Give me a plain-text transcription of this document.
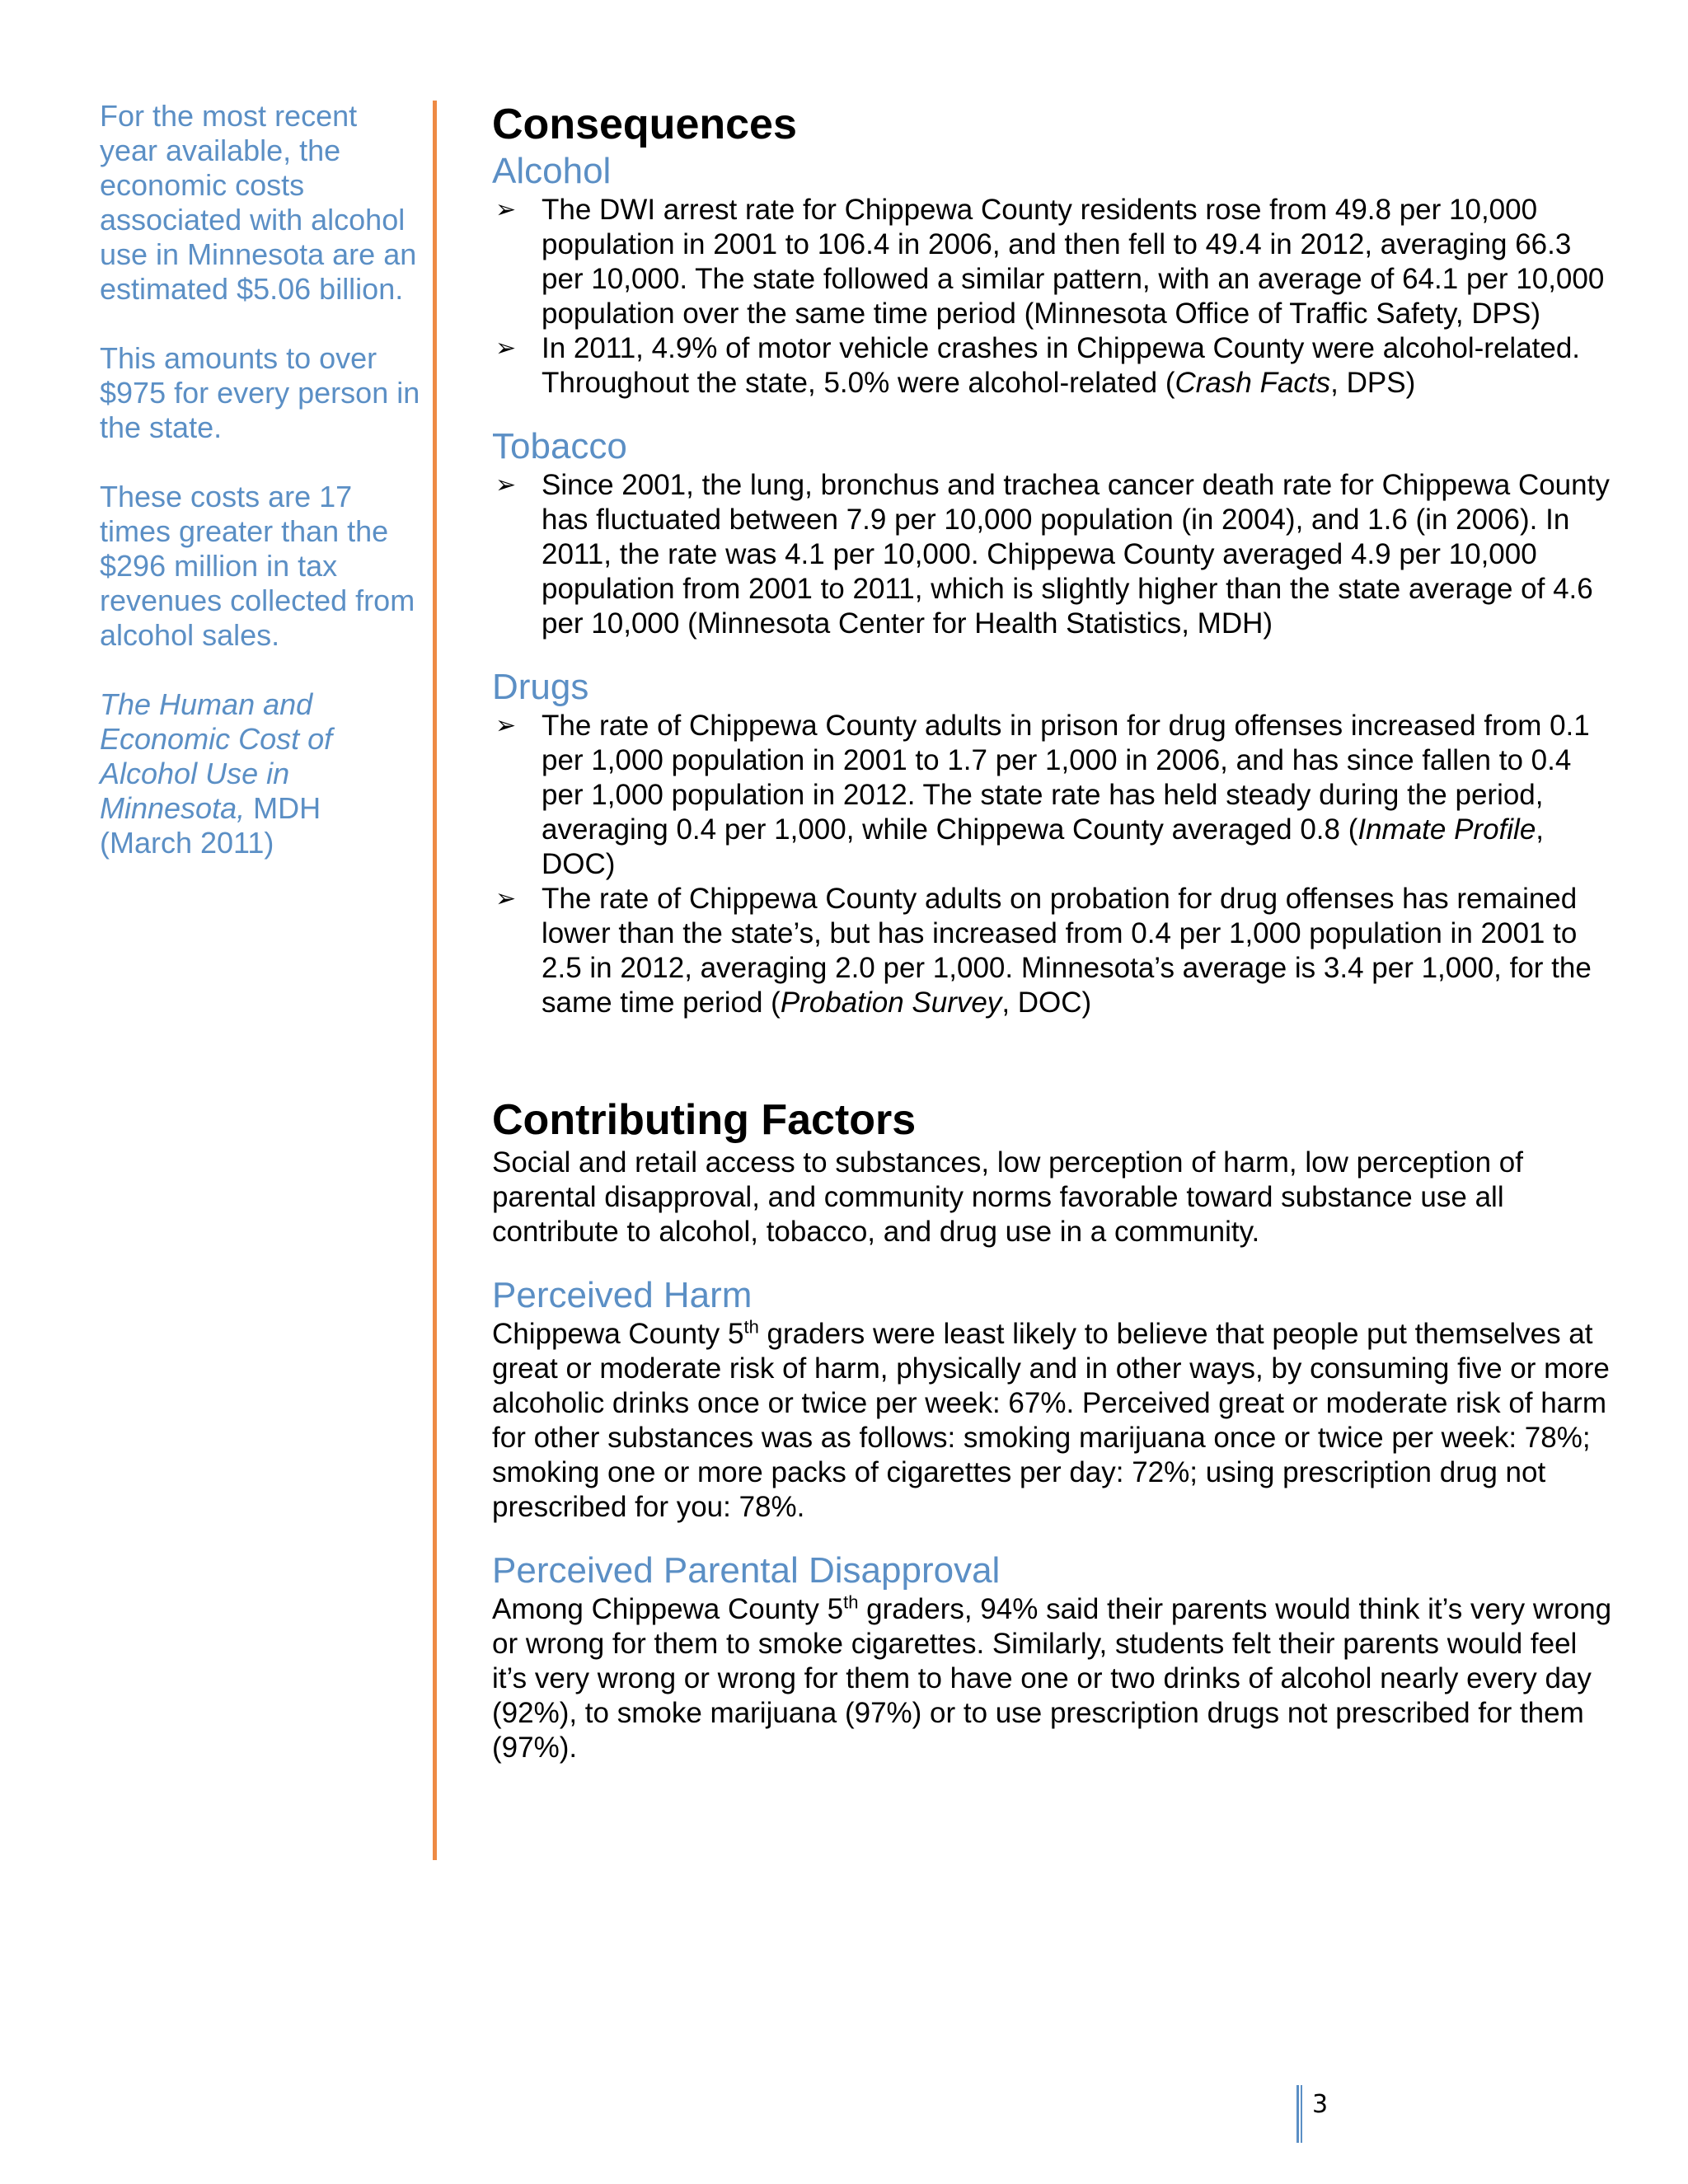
For the most recent year available, the economic costs associated with alcohol use in Minnesota are an estimated $5.06 billion.

This amounts to over $975 for every person in the state.

These costs are 17 times greater than the $296 million in tax revenues collected from alcohol sales.

The Human and Economic Cost of Alcohol Use in Minnesota, MDH (March 2011)

Consequences
Alcohol
➢ The DWI arrest rate for Chippewa County residents rose from 49.8 per 10,000 population in 2001 to 106.4 in 2006, and then fell to 49.4 in 2012, averaging 66.3 per 10,000. The state followed a similar pattern, with an average of 64.1 per 10,000 population over the same time period (Minnesota Office of Traffic Safety, DPS)
➢ In 2011, 4.9% of motor vehicle crashes in Chippewa County were alcohol-related. Throughout the state, 5.0% were alcohol-related (Crash Facts, DPS)
Tobacco
➢ Since 2001, the lung, bronchus and trachea cancer death rate for Chippewa County has fluctuated between 7.9 per 10,000 population (in 2004), and 1.6 (in 2006). In 2011, the rate was 4.1 per 10,000. Chippewa County averaged 4.9 per 10,000 population from 2001 to 2011, which is slightly higher than the state average of 4.6 per 10,000 (Minnesota Center for Health Statistics, MDH)
Drugs
➢ The rate of Chippewa County adults in prison for drug offenses increased from 0.1 per 1,000 population in 2001 to 1.7 per 1,000 in 2006, and has since fallen to 0.4 per 1,000 population in 2012. The state rate has held steady during the period, averaging 0.4 per 1,000, while Chippewa County averaged 0.8 (Inmate Profile, DOC)
➢ The rate of Chippewa County adults on probation for drug offenses has remained lower than the state’s, but has increased from 0.4 per 1,000 population in 2001 to 2.5 in 2012, averaging 2.0 per 1,000. Minnesota’s average is 3.4 per 1,000, for the same time period (Probation Survey, DOC)
Contributing Factors

Social and retail access to substances, low perception of harm, low perception of parental disapproval, and community norms favorable toward substance use all contribute to alcohol, tobacco, and drug use in a community.

Perceived Harm

Chippewa County 5th graders were least likely to believe that people put themselves at great or moderate risk of harm, physically and in other ways, by consuming five or more alcoholic drinks once or twice per week: 67%. Perceived great or moderate risk of harm for other substances was as follows: smoking marijuana once or twice per week: 78%; smoking one or more packs of cigarettes per day: 72%; using prescription drug not prescribed for you: 78%.

Perceived Parental Disapproval

Among Chippewa County 5th graders, 94% said their parents would think it’s very wrong or wrong for them to smoke cigarettes. Similarly, students felt their parents would feel it’s very wrong or wrong for them to have one or two drinks of alcohol nearly every day (92%), to smoke marijuana (97%) or to use prescription drugs not prescribed for them (97%).

3
